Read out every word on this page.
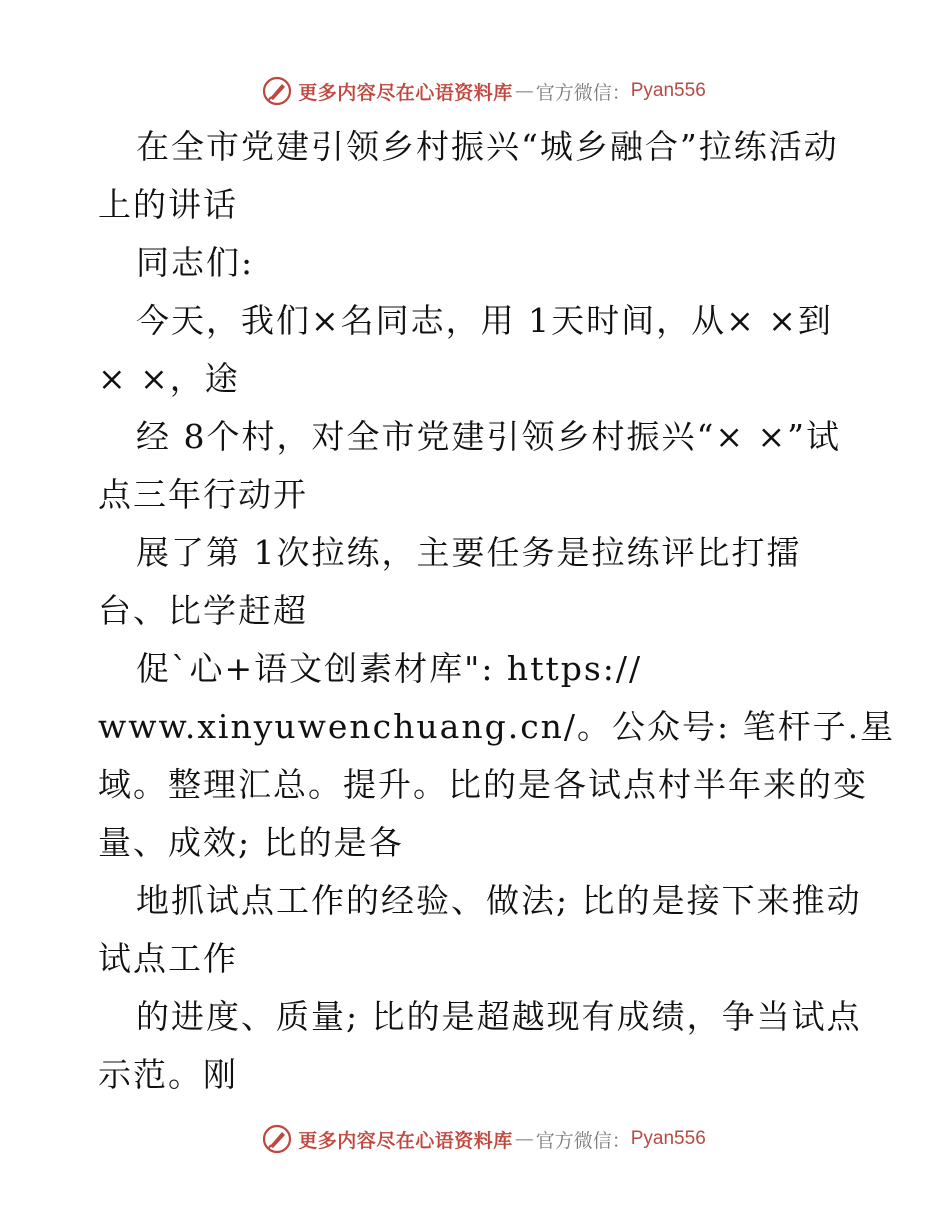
更多内容尽在心语资料库 — 官方微信： Pyan556
在全市党建引领乡村振兴“城乡融合”拉练活动
上的讲话
同志们:
今天，我们×名同志，用 1天时间，从× ×到
× ×，途
经 8个村，对全市党建引领乡村振兴“× ×”试
点三年行动开
展了第 1次拉练，主要任务是拉练评比打擂
台、比学赶超
促`心+语文创素材库": https://
www.xinyuwenchuang.cn/。公众号: 笔杆子.星
域。整理汇总。提升。比的是各试点村半年来的变
量、成效; 比的是各
地抓试点工作的经验、做法; 比的是接下来推动
试点工作
的进度、质量; 比的是超越现有成绩，争当试点
示范。刚
更多内容尽在心语资料库 — 官方微信： Pyan556
